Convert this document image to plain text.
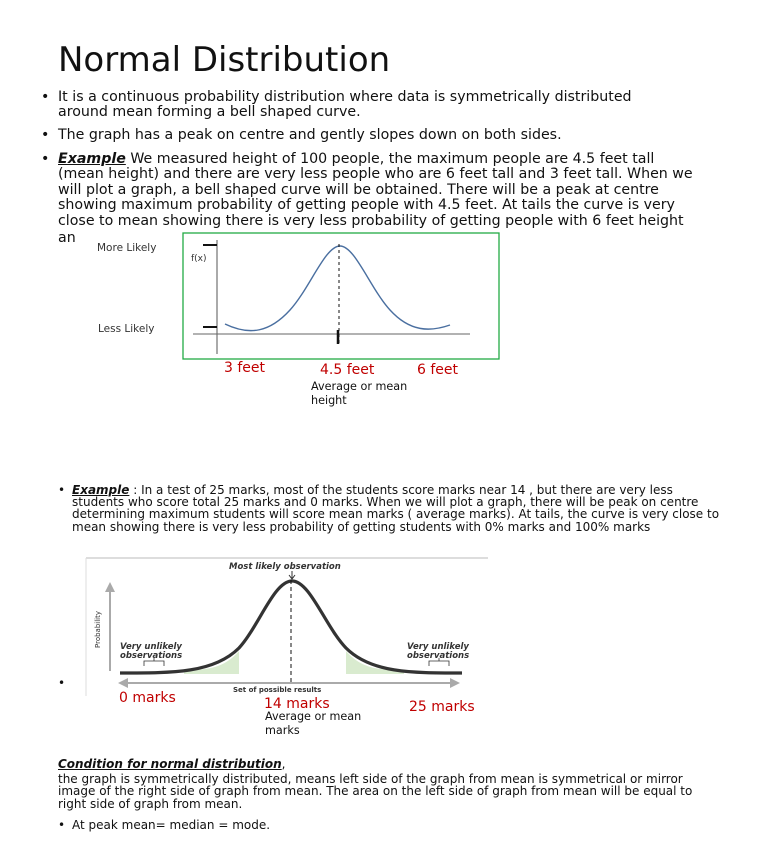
Normal Distribution
• It is a continuous probability distribution where data is symmetrically distributed around mean forming a bell shaped curve.
• The graph has a peak on centre and gently slopes down on both sides.
• Example We measured height of 100 people, the maximum people are 4.5 feet tall (mean height) and there are very less people who are 6 feet tall and 3 feet tall. When we will plot a graph, a bell shaped curve will be obtained. There will be a peak at centre showing maximum probability of getting people with 4.5 feet. At tails the curve is very close to mean showing there is very less probability of getting people with 6 feet height
an
More Likely
Less Likely
f(x)
3 feet	4.5 feet	6 feet
Average or mean
height
• Example : In a test of 25 marks, most of the students score marks near 14 , but there are very less students who score total 25 marks and 0 marks. When we will plot a graph, there will be peak on centre determining maximum students will score mean marks ( average marks). At tails, the curve is very close to mean showing there is very less probability of getting students with 0% marks and 100% marks
Most likely observation
Probability
Set of possible results
Very unlikely
observations
Very unlikely
observations
•
0 marks	14 marks	25 marks
Average or mean
marks
Condition for normal distribution,
the graph is symmetrically distributed, means left side of the graph from mean is symmetrical or mirror image of the right side of graph from mean. The area on the left side of graph from mean will be equal to right side of graph from mean.
• At peak mean= median = mode.
